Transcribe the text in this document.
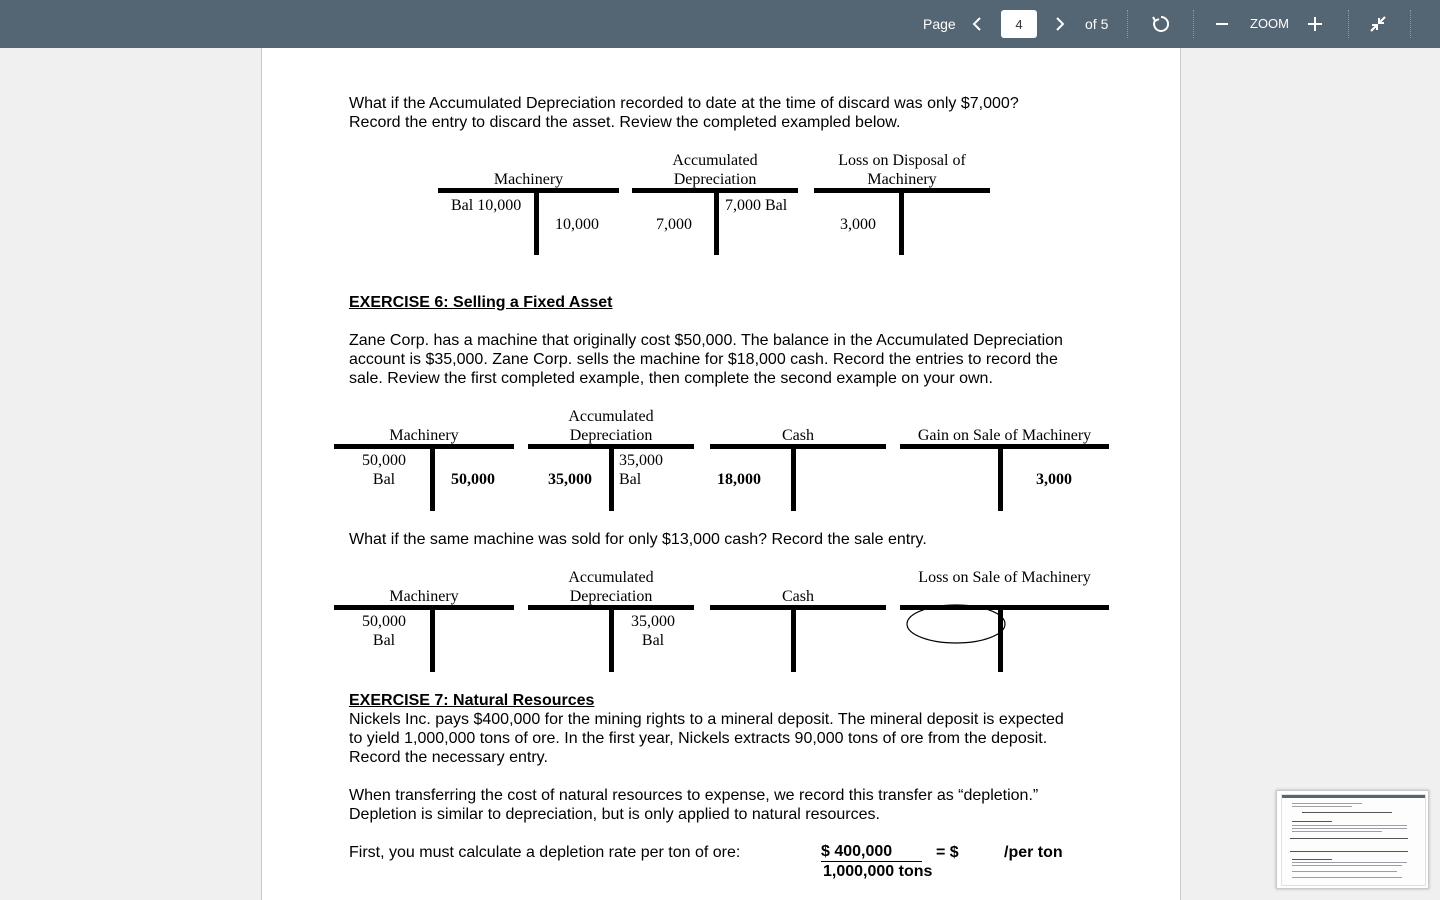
Page
4	of 5	ZOOM

What if the Accumulated Depreciation recorded to date at the time of discard was only $7,000?

Record the entry to discard the asset. Review the completed exampled below.

Machinery
Bal 10,000
10,000
Accumulated
Depreciation
7,000
7,000 Bal
Loss on Disposal of
Machinery
3,000

EXERCISE 6: Selling a Fixed Asset

Zane Corp. has a machine that originally cost $50,000. The balance in the Accumulated Depreciation

account is $35,000. Zane Corp. sells the machine for $18,000 cash. Record the entries to record the

sale. Review the first completed example, then complete the second example on your own.

Machinery
50,000
Bal	50,000
Accumulated
Depreciation
35,000
35,000
Bal
Cash
18,000
Gain on Sale of Machinery
3,000

What if the same machine was sold for only $13,000 cash? Record the sale entry.

Machinery
50,000
Bal
Accumulated
Depreciation
35,000
Bal
Cash
Loss on Sale of Machinery

EXERCISE 7: Natural Resources

Nickels Inc. pays $400,000 for the mining rights to a mineral deposit. The mineral deposit is expected

to yield 1,000,000 tons of ore. In the first year, Nickels extracts 90,000 tons of ore from the deposit.

Record the necessary entry.

When transferring the cost of natural resources to expense, we record this transfer as “depletion.”

Depletion is similar to depreciation, but is only applied to natural resources.

First, you must calculate a depletion rate per ton of ore:	$ 400,000	= $	/per ton
1,000,000 tons
